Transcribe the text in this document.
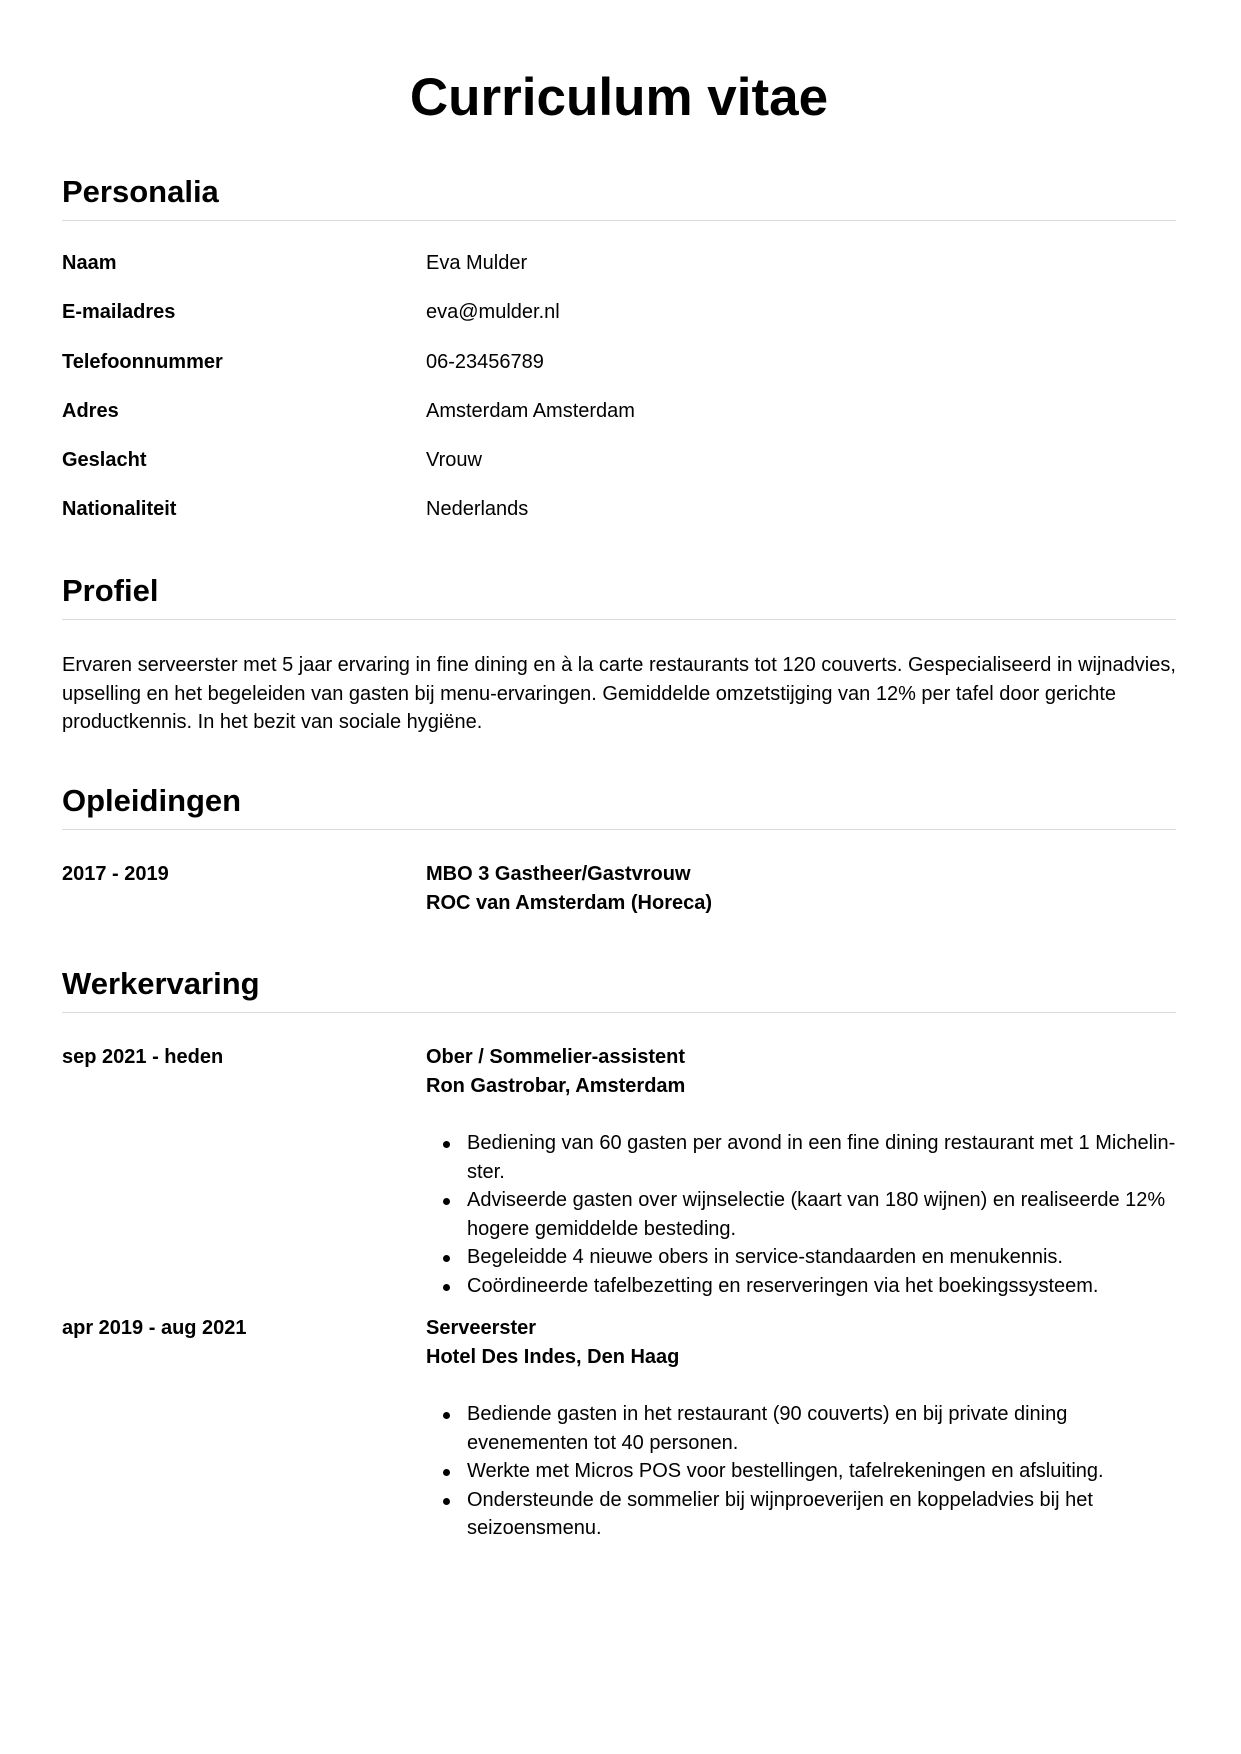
Curriculum vitae
Personalia
Naam	Eva Mulder
E-mailadres	eva@mulder.nl
Telefoonnummer	06-23456789
Adres	Amsterdam Amsterdam
Geslacht	Vrouw
Nationaliteit	Nederlands
Profiel

Ervaren serveerster met 5 jaar ervaring in fine dining en à la carte restaurants tot 120 couverts. Gespecialiseerd in wijnadvies, upselling en het begeleiden van gasten bij menu-ervaringen. Gemiddelde omzetstijging van 12% per tafel door gerichte productkennis. In het bezit van sociale hygiëne.

Opleidingen
2017 - 2019	MBO 3 Gastheer/Gastvrouw
ROC van Amsterdam (Horeca)
Werkervaring
sep 2021 - heden	Ober / Sommelier-assistent
Ron Gastrobar, Amsterdam
Bediening van 60 gasten per avond in een fine dining restaurant met 1 Michelin-ster.
Adviseerde gasten over wijnselectie (kaart van 180 wijnen) en realiseerde 12% hogere gemiddelde besteding.
Begeleidde 4 nieuwe obers in service-standaarden en menukennis.
Coördineerde tafelbezetting en reserveringen via het boekingssysteem.
apr 2019 - aug 2021	Serveerster
Hotel Des Indes, Den Haag
Bediende gasten in het restaurant (90 couverts) en bij private dining evenementen tot 40 personen.
Werkte met Micros POS voor bestellingen, tafelrekeningen en afsluiting.
Ondersteunde de sommelier bij wijnproeverijen en koppeladvies bij het seizoensmenu.
